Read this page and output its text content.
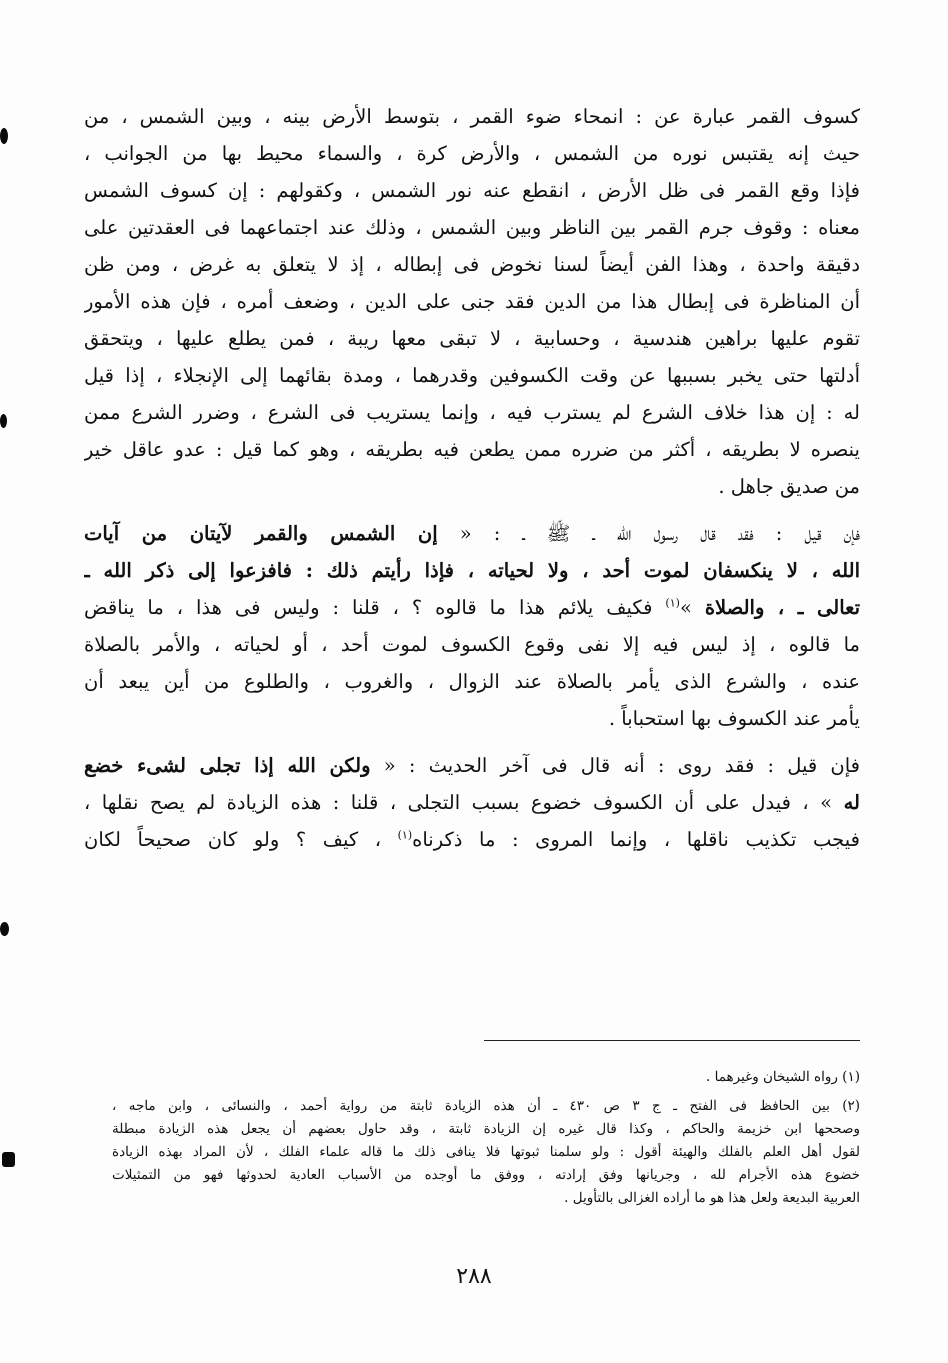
كسوف القمر عبارة عن : انمحاء ضوء القمر ، بتوسط الأرض بينه ، وبين الشمس ، من
حيث إنه يقتبس نوره من الشمس ، والأرض كرة ، والسماء محيط بها من الجوانب ،
فإذا وقع القمر فى ظل الأرض ، انقطع عنه نور الشمس ، وكقولهم : إن كسوف الشمس
معناه : وقوف جرم القمر بين الناظر وبين الشمس ، وذلك عند اجتماعهما فى العقدتين على
دقيقة واحدة ، وهذا الفن أيضاً لسنا نخوض فى إبطاله ، إذ لا يتعلق به غرض ، ومن ظن
أن المناظرة فى إبطال هذا من الدين فقد جنى على الدين ، وضعف أمره ، فإن هذه الأمور
تقوم عليها براهين هندسية ، وحسابية ، لا تبقى معها ريبة ، فمن يطلع عليها ، ويتحقق
أدلتها حتى يخبر بسببها عن وقت الكسوفين وقدرهما ، ومدة بقائهما إلى الإنجلاء ، إذا قيل
له : إن هذا خلاف الشرع لم يسترب فيه ، وإنما يستريب فى الشرع ، وضرر الشرع ممن
ينصره لا بطريقه ، أكثر من ضرره ممن يطعن فيه بطريقه ، وهو كما قيل : عدو عاقل خير
من صديق جاهل .
فإن قيل : فقد قال رسول الله ـ ﷺ ـ : « إن الشمس والقمر لآيتان من آيات
الله ، لا ينكسفان لموت أحد ، ولا لحياته ، فإذا رأيتم ذلك : فافزعوا إلى ذكر الله ـ
تعالى ـ ، والصلاة »$^{(١)}$ فكيف يلائم هذا ما قالوه ؟ ، قلنا : وليس فى هذا ، ما يناقض
ما قالوه ، إذ ليس فيه إلا نفى وقوع الكسوف لموت أحد ، أو لحياته ، والأمر بالصلاة
عنده ، والشرع الذى يأمر بالصلاة عند الزوال ، والغروب ، والطلوع من أين يبعد أن
يأمر عند الكسوف بها استحباباً .
فإن قيل : فقد روى : أنه قال فى آخر الحديث : « ولكن الله إذا تجلى لشىء خضع
له » ، فيدل على أن الكسوف خضوع بسبب التجلى ، قلنا : هذه الزيادة لم يصح نقلها ،
فيجب تكذيب ناقلها ، وإنما المروى : ما ذكرناه$^{(١)}$ ، كيف ؟ ولو كان صحيحاً لكان
(١) رواه الشيخان وغيرهما .
(٢) بين الحافظ فى الفتح ـ ج ٣ ص ٤٣٠ ـ أن هذه الزيادة ثابتة من رواية أحمد ، والنسائى ، وابن ماجه ،
وصححها ابن خزيمة والحاكم ، وكذا قال غيره إن الزيادة ثابتة ، وقد حاول بعضهم أن يجعل هذه الزيادة مبطلة
لقول أهل العلم بالفلك والهيئة أقول : ولو سلمنا ثبوتها فلا ينافى ذلك ما قاله علماء الفلك ، لأن المراد بهذه الزيادة
خضوع هذه الأجرام لله ، وجريانها وفق إرادته ، ووفق ما أوجده من الأسباب العادية لحدوثها فهو من التمثيلات
العربية البديعة ولعل هذا هو ما أراده الغزالى بالتأويل .
٢٨٨
